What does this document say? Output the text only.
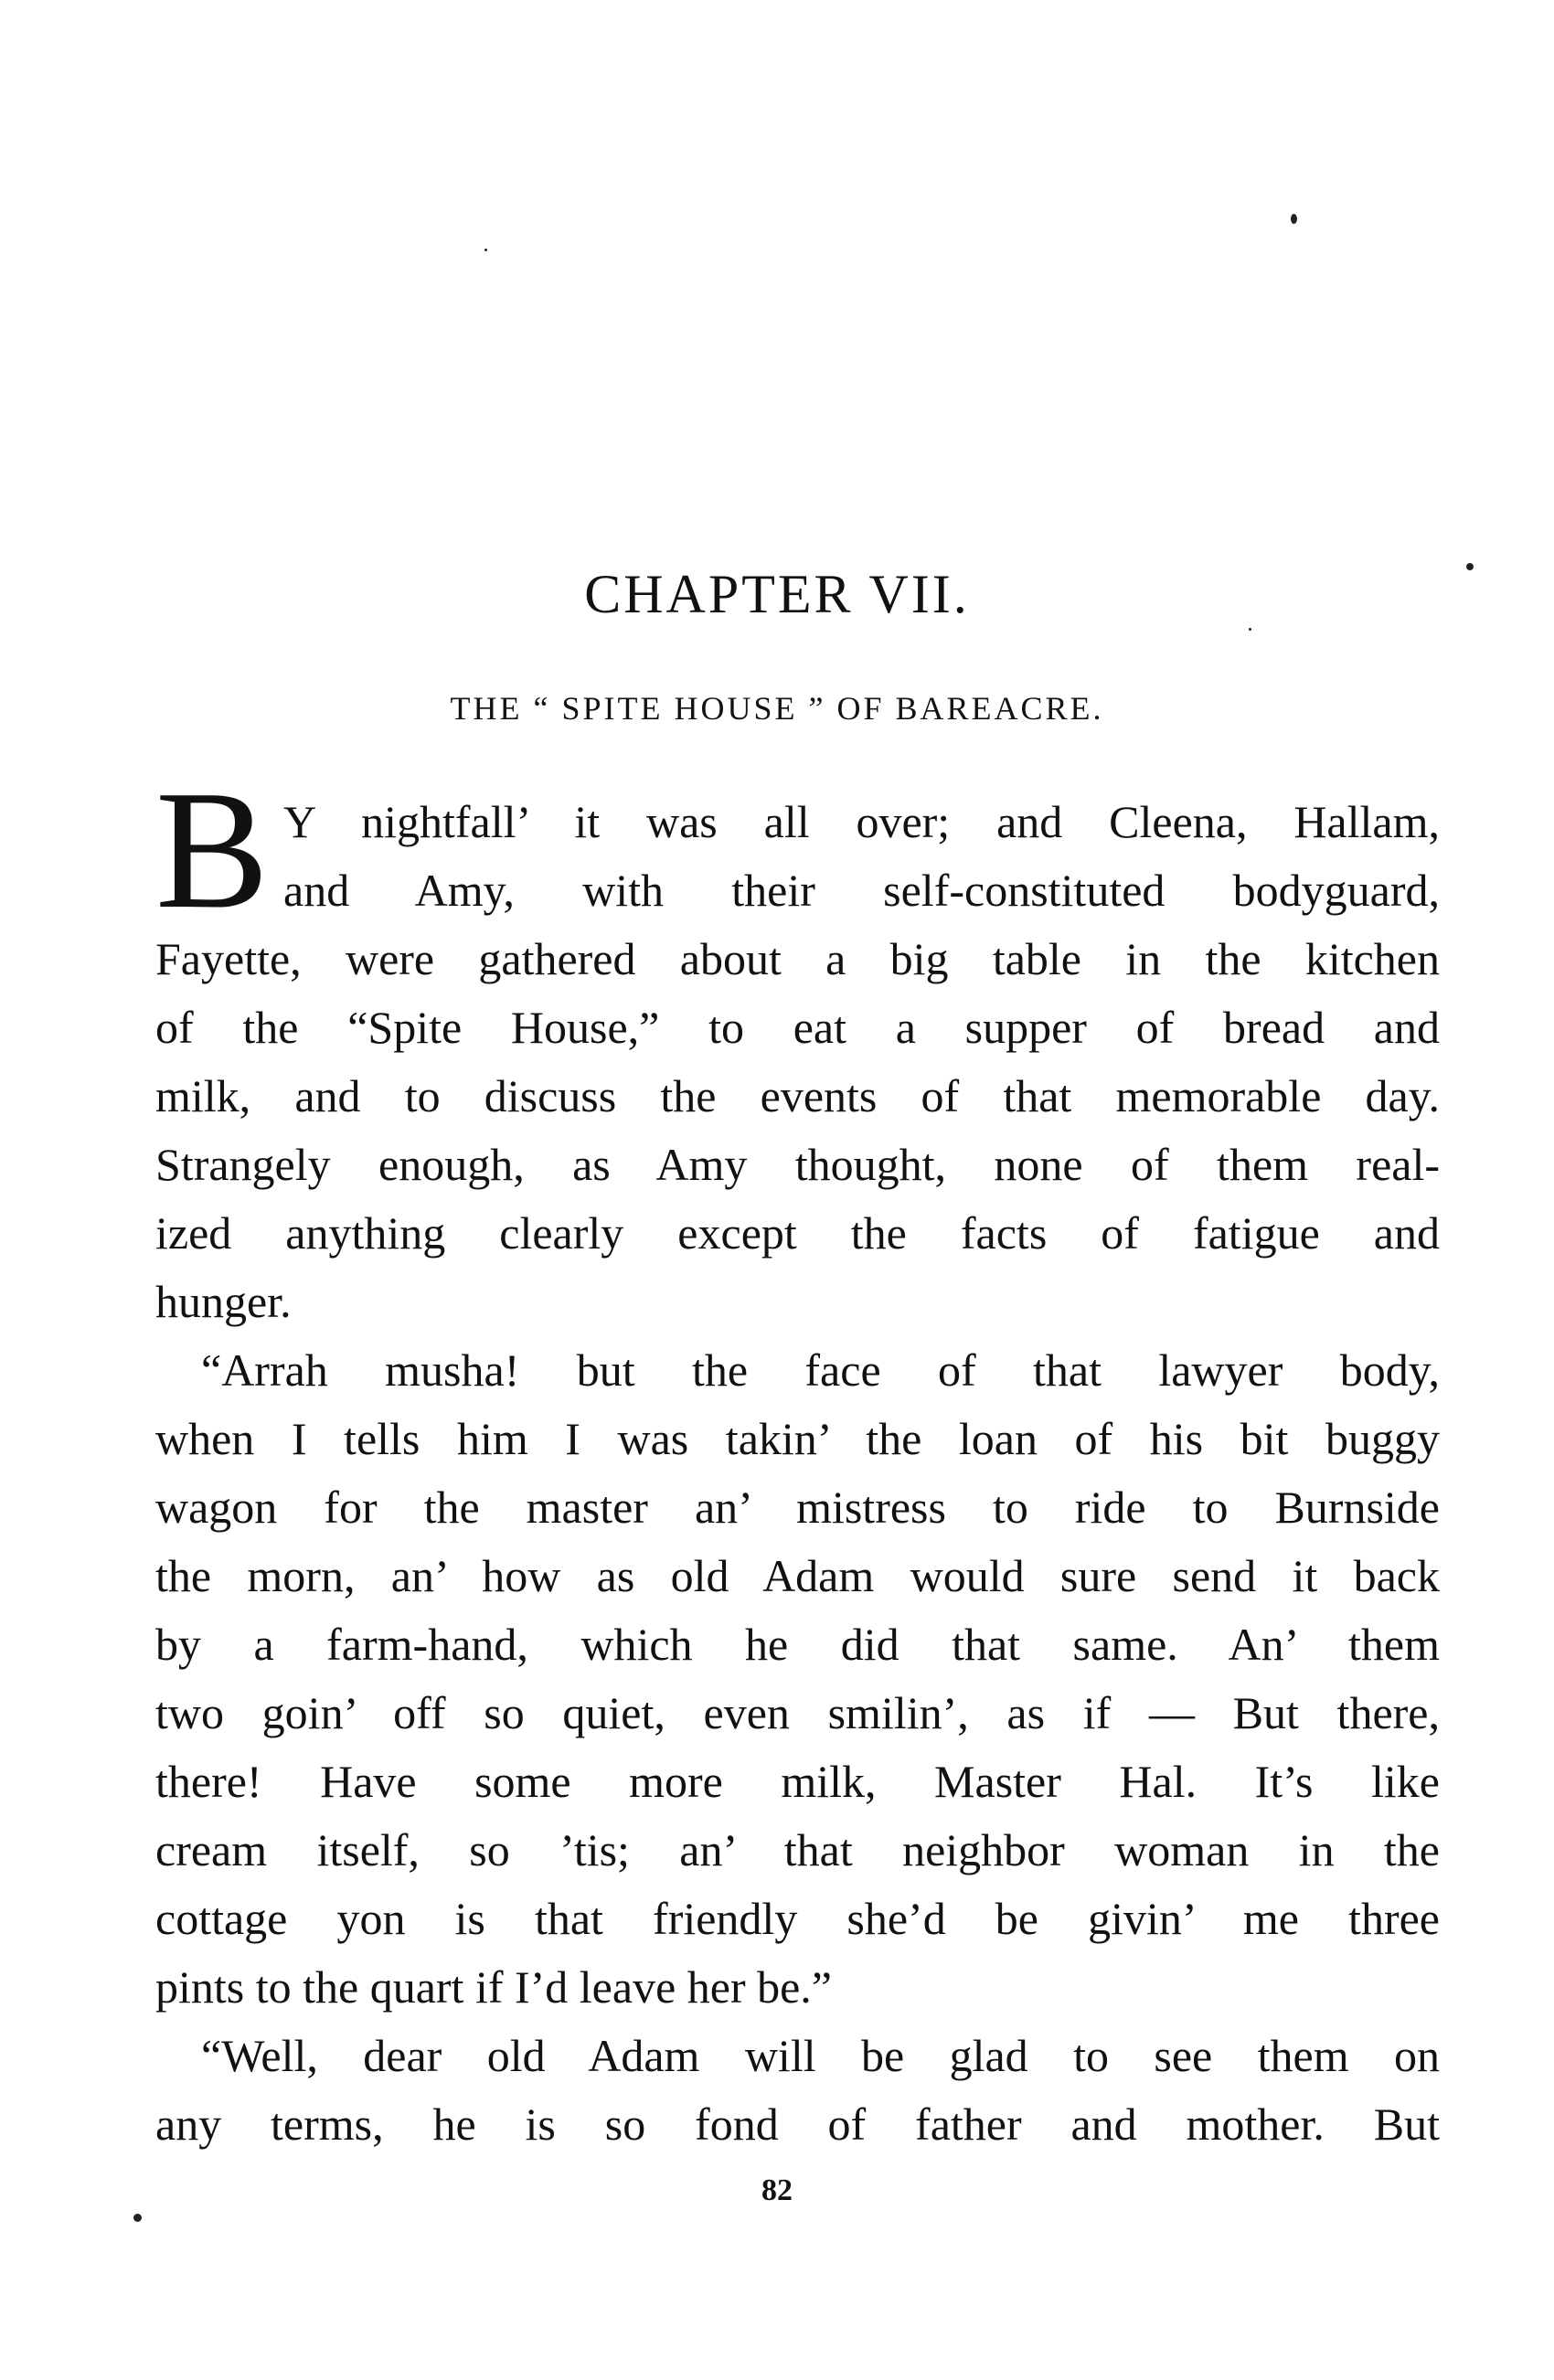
CHAPTER VII.
THE “ SPITE HOUSE ” OF BAREACRE.
B Y nightfall’ it was all over; and Cleena, Hallam,
and Amy, with their self-constituted bodyguard,
Fayette, were gathered about a big table in the kitchen
of the “Spite House,” to eat a supper of bread and
milk, and to discuss the events of that memorable day.
Strangely enough, as Amy thought, none of them real-
ized anything clearly except the facts of fatigue and
hunger.
“Arrah musha! but the face of that lawyer body,
when I tells him I was takin’ the loan of his bit buggy
wagon for the master an’ mistress to ride to Burnside
the morn, an’ how as old Adam would sure send it back
by a farm-hand, which he did that same. An’ them
two goin’ off so quiet, even smilin’, as if — But there,
there! Have some more milk, Master Hal. It’s like
cream itself, so ’tis; an’ that neighbor woman in the
cottage yon is that friendly she’d be givin’ me three
pints to the quart if I’d leave her be.”
“Well, dear old Adam will be glad to see them on
any terms, he is so fond of father and mother. But
82
